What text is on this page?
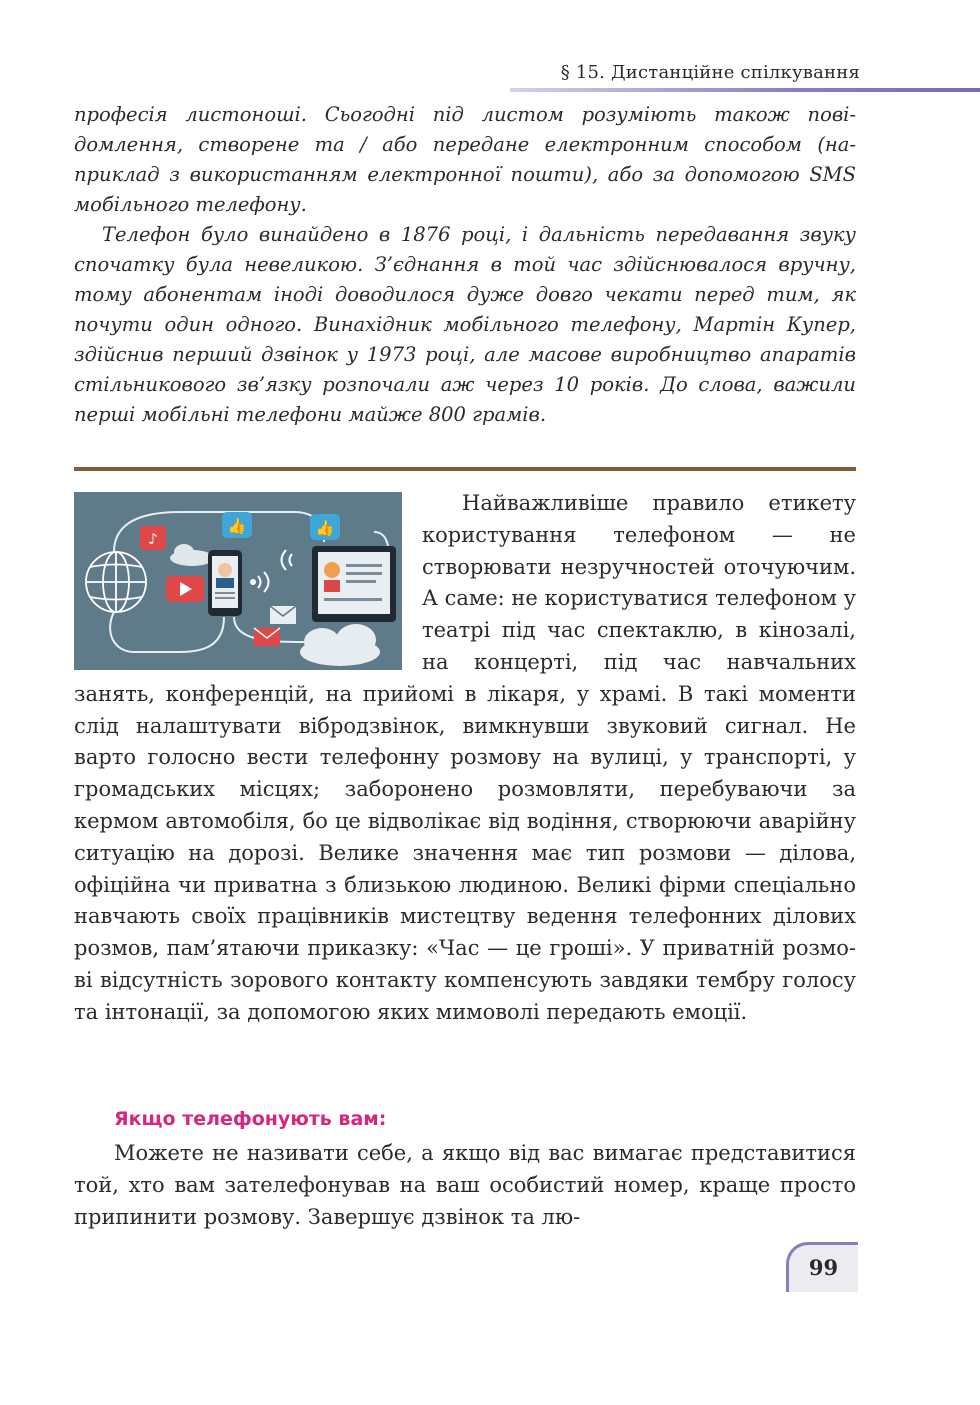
§ 15. Дистанційне спілкування

професія листоноші. Сьогодні під листом розуміють також повідомлення, створене та / або передане електронним способом (наприклад з використанням електронної пошти), або за допомогою SMS мобільного телефону.

Телефон було винайдено в 1876 році, і дальність передавання звуку спочатку була невеликою. З’єднання в той час здійснювалося вручну, тому абонентам іноді доводилося дуже довго чекати перед тим, як почути один одного. Винахідник мобільного телефону, Мартін Купер, здійснив перший дзвінок у 1973 році, але масове виробництво апаратів стільникового зв’язку розпочали аж через 10 років. До слова, важили перші мобільні телефони майже 800 грамів.

♪
👍	👍

Найважливіше правило етикету користування телефоном — не створювати незручностей оточуючим. А саме: не користуватися телефоном у театрі під час спектаклю, в кінозалі, на концерті, під час навчальних занять, конференцій, на прийомі в лікаря, у храмі. В такі моменти слід налаштувати вібродзвінок, вимкнувши звуковий сигнал. Не варто голосно вести телефонну розмову на вулиці, у транспорті, у громадських місцях; заборонено розмовляти, перебуваючи за кермом автомобіля, бо це відволікає від водіння, створюючи аварійну ситуацію на дорозі. Велике значення має тип розмови — ділова, офіційна чи приватна з близькою людиною. Великі фірми спеціально навчають своїх працівників мистецтву ведення телефонних ділових розмов, пам’ятаючи приказку: «Час — це гроші». У приватній розмові відсутність зорового контакту компенсують завдяки тембру голосу та інтонації, за допомогою яких мимоволі передають емоції.

Якщо телефонують вам:

Можете не називати себе, а якщо від вас вимагає представитися той, хто вам зателефонував на ваш особистий номер, краще просто припинити розмову. Завершує дзвінок та лю-

99
